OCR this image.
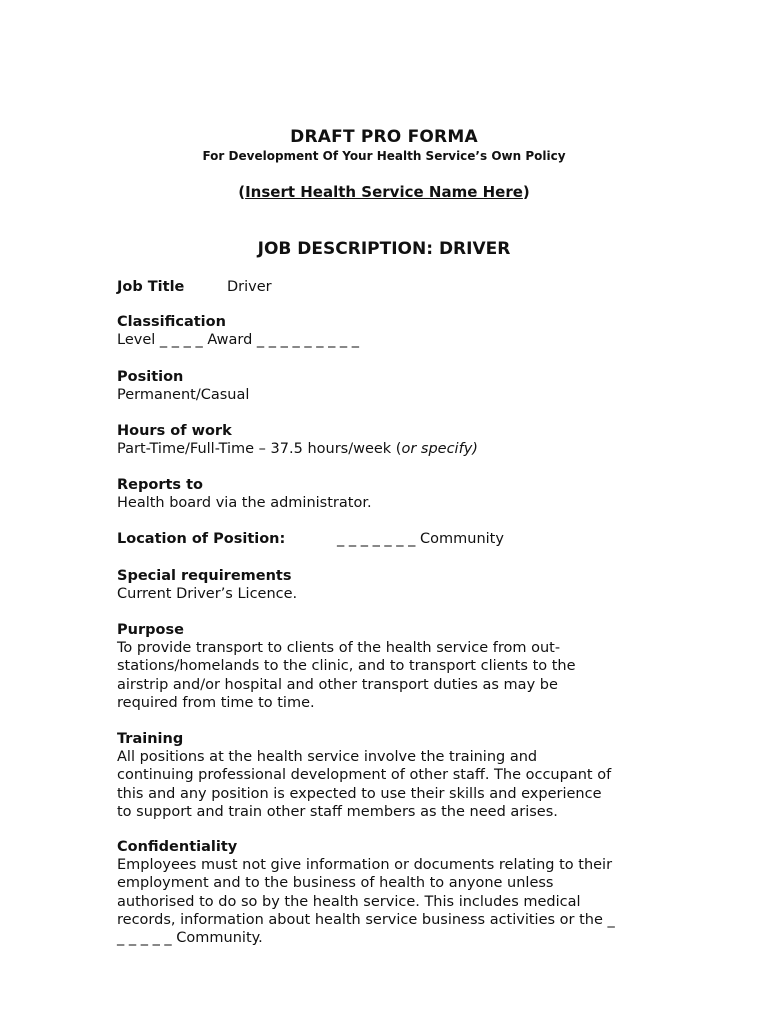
DRAFT PRO FORMA
For Development Of Your Health Service’s Own Policy
(Insert Health Service Name Here)
JOB DESCRIPTION: DRIVER
Job Title	Driver
Classification
Level _ _ _ _ Award _ _ _ _ _ _ _ _ _
Position
Permanent/Casual
Hours of work
Part-Time/Full-Time – 37.5 hours/week (or specify)
Reports to
Health board via the administrator.
Location of Position:	_ _ _ _ _ _ _ Community
Special requirements
Current Driver’s Licence.
Purpose
To provide transport to clients of the health service from out-
stations/homelands to the clinic, and to transport clients to the
airstrip and/or hospital and other transport duties as may be
required from time to time.
Training
All positions at the health service involve the training and
continuing professional development of other staff. The occupant of
this and any position is expected to use their skills and experience
to support and train other staff members as the need arises.
Confidentiality
Employees must not give information or documents relating to their
employment and to the business of health to anyone unless
authorised to do so by the health service. This includes medical
records, information about health service business activities or the _
_ _ _ _ _ Community.
